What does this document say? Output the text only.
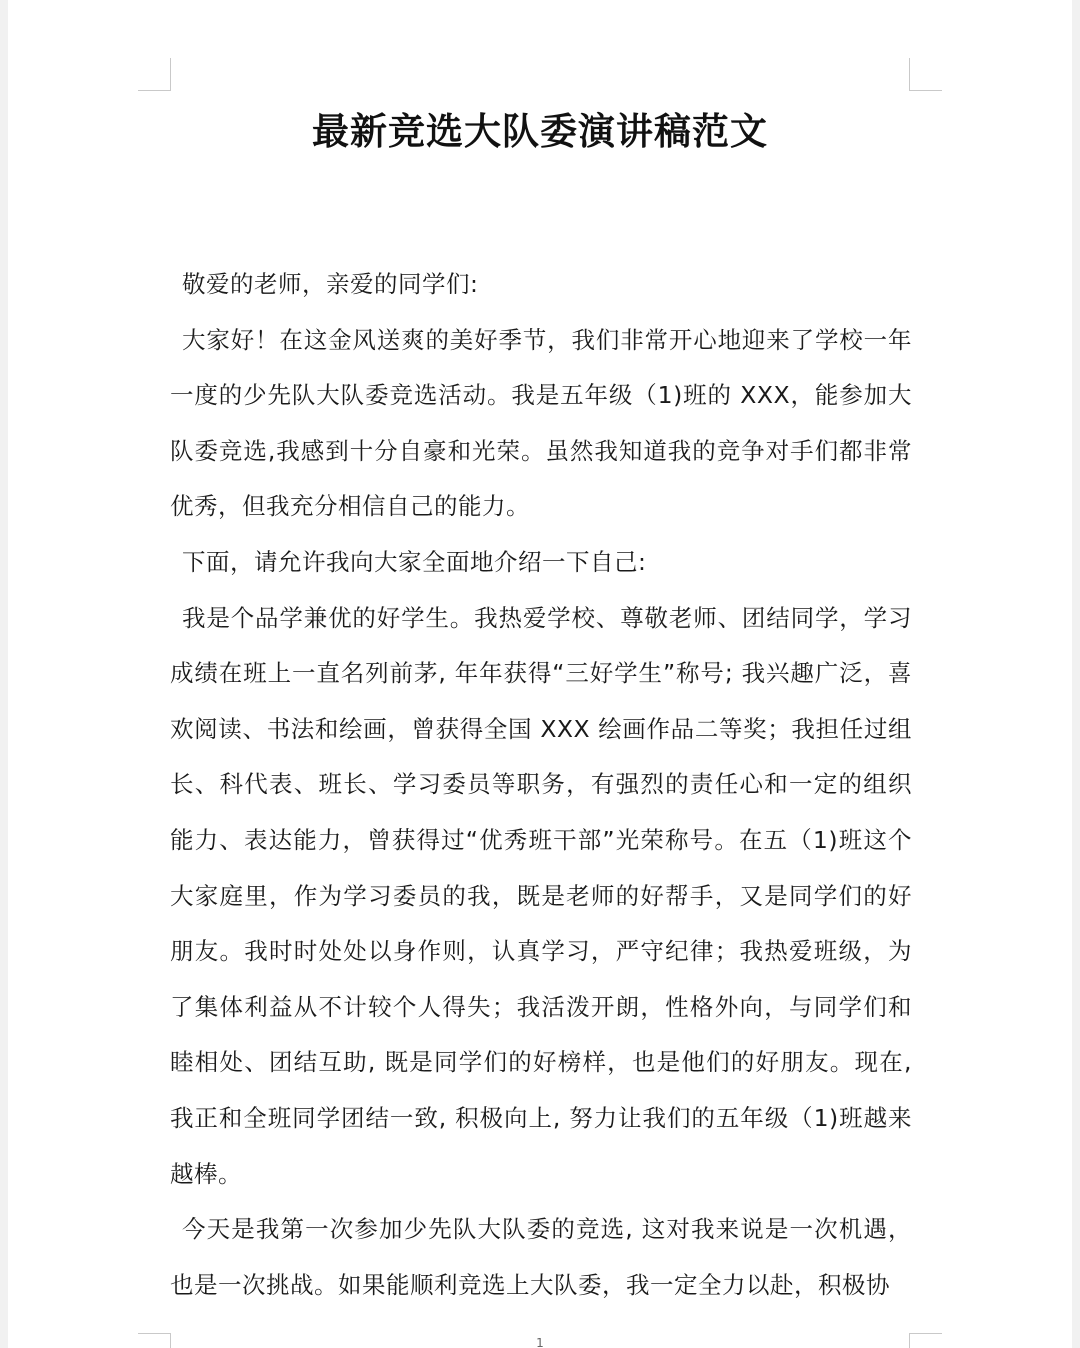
最新竞选大队委演讲稿范文

敬爱的老师，亲爱的同学们:

大家好！在这金风送爽的美好季节，我们非常开心地迎来了学校一年一度的少先队大队委竞选活动。我是五年级（1)班的 XXX，能参加大队委竞选,我感到十分自豪和光荣。虽然我知道我的竞争对手们都非常优秀，但我充分相信自己的能力。

下面，请允许我向大家全面地介绍一下自己:

我是个品学兼优的好学生。我热爱学校、尊敬老师、团结同学，学习成绩在班上一直名列前茅, 年年获得“三好学生”称号; 我兴趣广泛，喜欢阅读、书法和绘画，曾获得全国 XXX 绘画作品二等奖；我担任过组长、科代表、班长、学习委员等职务，有强烈的责任心和一定的组织能力、表达能力，曾获得过“优秀班干部”光荣称号。在五（1)班这个大家庭里，作为学习委员的我，既是老师的好帮手，又是同学们的好朋友。我时时处处以身作则，认真学习，严守纪律；我热爱班级，为了集体利益从不计较个人得失；我活泼开朗，性格外向，与同学们和睦相处、团结互助, 既是同学们的好榜样，也是他们的好朋友。现在, 我正和全班同学团结一致, 积极向上, 努力让我们的五年级（1)班越来越棒。

今天是我第一次参加少先队大队委的竞选, 这对我来说是一次机遇，也是一次挑战。如果能顺利竞选上大队委，我一定全力以赴，积极协

1
